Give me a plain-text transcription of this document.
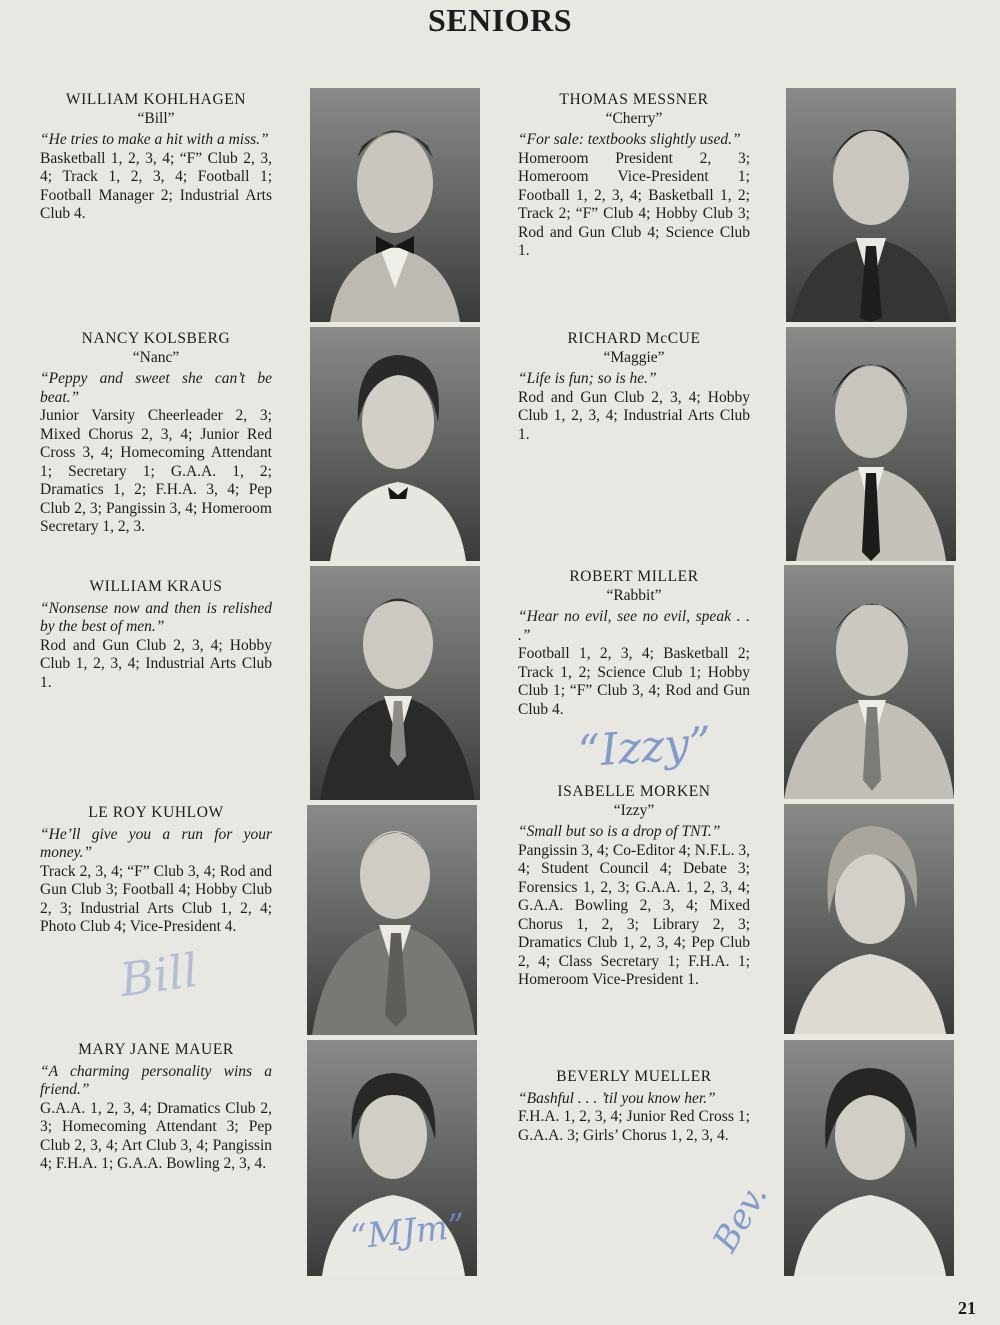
SENIORS
WILLIAM KOHLHAGEN
“Bill”
“He tries to make a hit with a miss.”
Basketball 1, 2, 3, 4; “F” Club 2, 3, 4; Track 1, 2, 3, 4; Football 1; Football Manager 2; Industrial Arts Club 4.
NANCY KOLSBERG
“Nanc”
“Peppy and sweet she can’t be beat.”
Junior Varsity Cheerleader 2, 3; Mixed Chorus 2, 3, 4; Junior Red Cross 3, 4; Homecoming Attendant 1; Secretary 1; G.A.A. 1, 2; Dramatics 1, 2; F.H.A. 3, 4; Pep Club 2, 3; Pangissin 3, 4; Homeroom Secretary 1, 2, 3.
WILLIAM KRAUS
“Nonsense now and then is relished by the best of men.”
Rod and Gun Club 2, 3, 4; Hobby Club 1, 2, 3, 4; Industrial Arts Club 1.
LE ROY KUHLOW
“He’ll give you a run for your money.”
Track 2, 3, 4; “F” Club 3, 4; Rod and Gun Club 3; Football 4; Hobby Club 2, 3; Industrial Arts Club 1, 2, 4; Photo Club 4; Vice-President 4.
MARY JANE MAUER
“A charming personality wins a friend.”
G.A.A. 1, 2, 3, 4; Dramatics Club 2, 3; Homecoming Attendant 3; Pep Club 2, 3, 4; Art Club 3, 4; Pangissin 4; F.H.A. 1; G.A.A. Bowling 2, 3, 4.
THOMAS MESSNER
“Cherry”
“For sale: textbooks slightly used.”
Homeroom President 2, 3; Homeroom Vice-President 1; Football 1, 2, 3, 4; Basketball 1, 2; Track 2; “F” Club 4; Hobby Club 3; Rod and Gun Club 4; Science Club 1.
RICHARD McCUE
“Maggie”
“Life is fun; so is he.”
Rod and Gun Club 2, 3, 4; Hobby Club 1, 2, 3, 4; Industrial Arts Club 1.
ROBERT MILLER
“Rabbit”
“Hear no evil, see no evil, speak . . .”
Football 1, 2, 3, 4; Basketball 2; Track 1, 2; Science Club 1; Hobby Club 1; “F” Club 3, 4; Rod and Gun Club 4.
ISABELLE MORKEN
“Izzy”
“Small but so is a drop of TNT.”
Pangissin 3, 4; Co-Editor 4; N.F.L. 3, 4; Student Council 4; Debate 3; Forensics 1, 2, 3; G.A.A. 1, 2, 3, 4; G.A.A. Bowling 2, 3, 4; Mixed Chorus 1, 2, 3; Library 2, 3; Dramatics Club 1, 2, 3, 4; Pep Club 2, 4; Class Secretary 1; F.H.A. 1; Homeroom Vice-President 1.
BEVERLY MUELLER
“Bashful . . . ’til you know her.”
F.H.A. 1, 2, 3, 4; Junior Red Cross 1; G.A.A. 3; Girls’ Chorus 1, 2, 3, 4.
“Izzy”
Bill
“MJm”	Bev.
21
